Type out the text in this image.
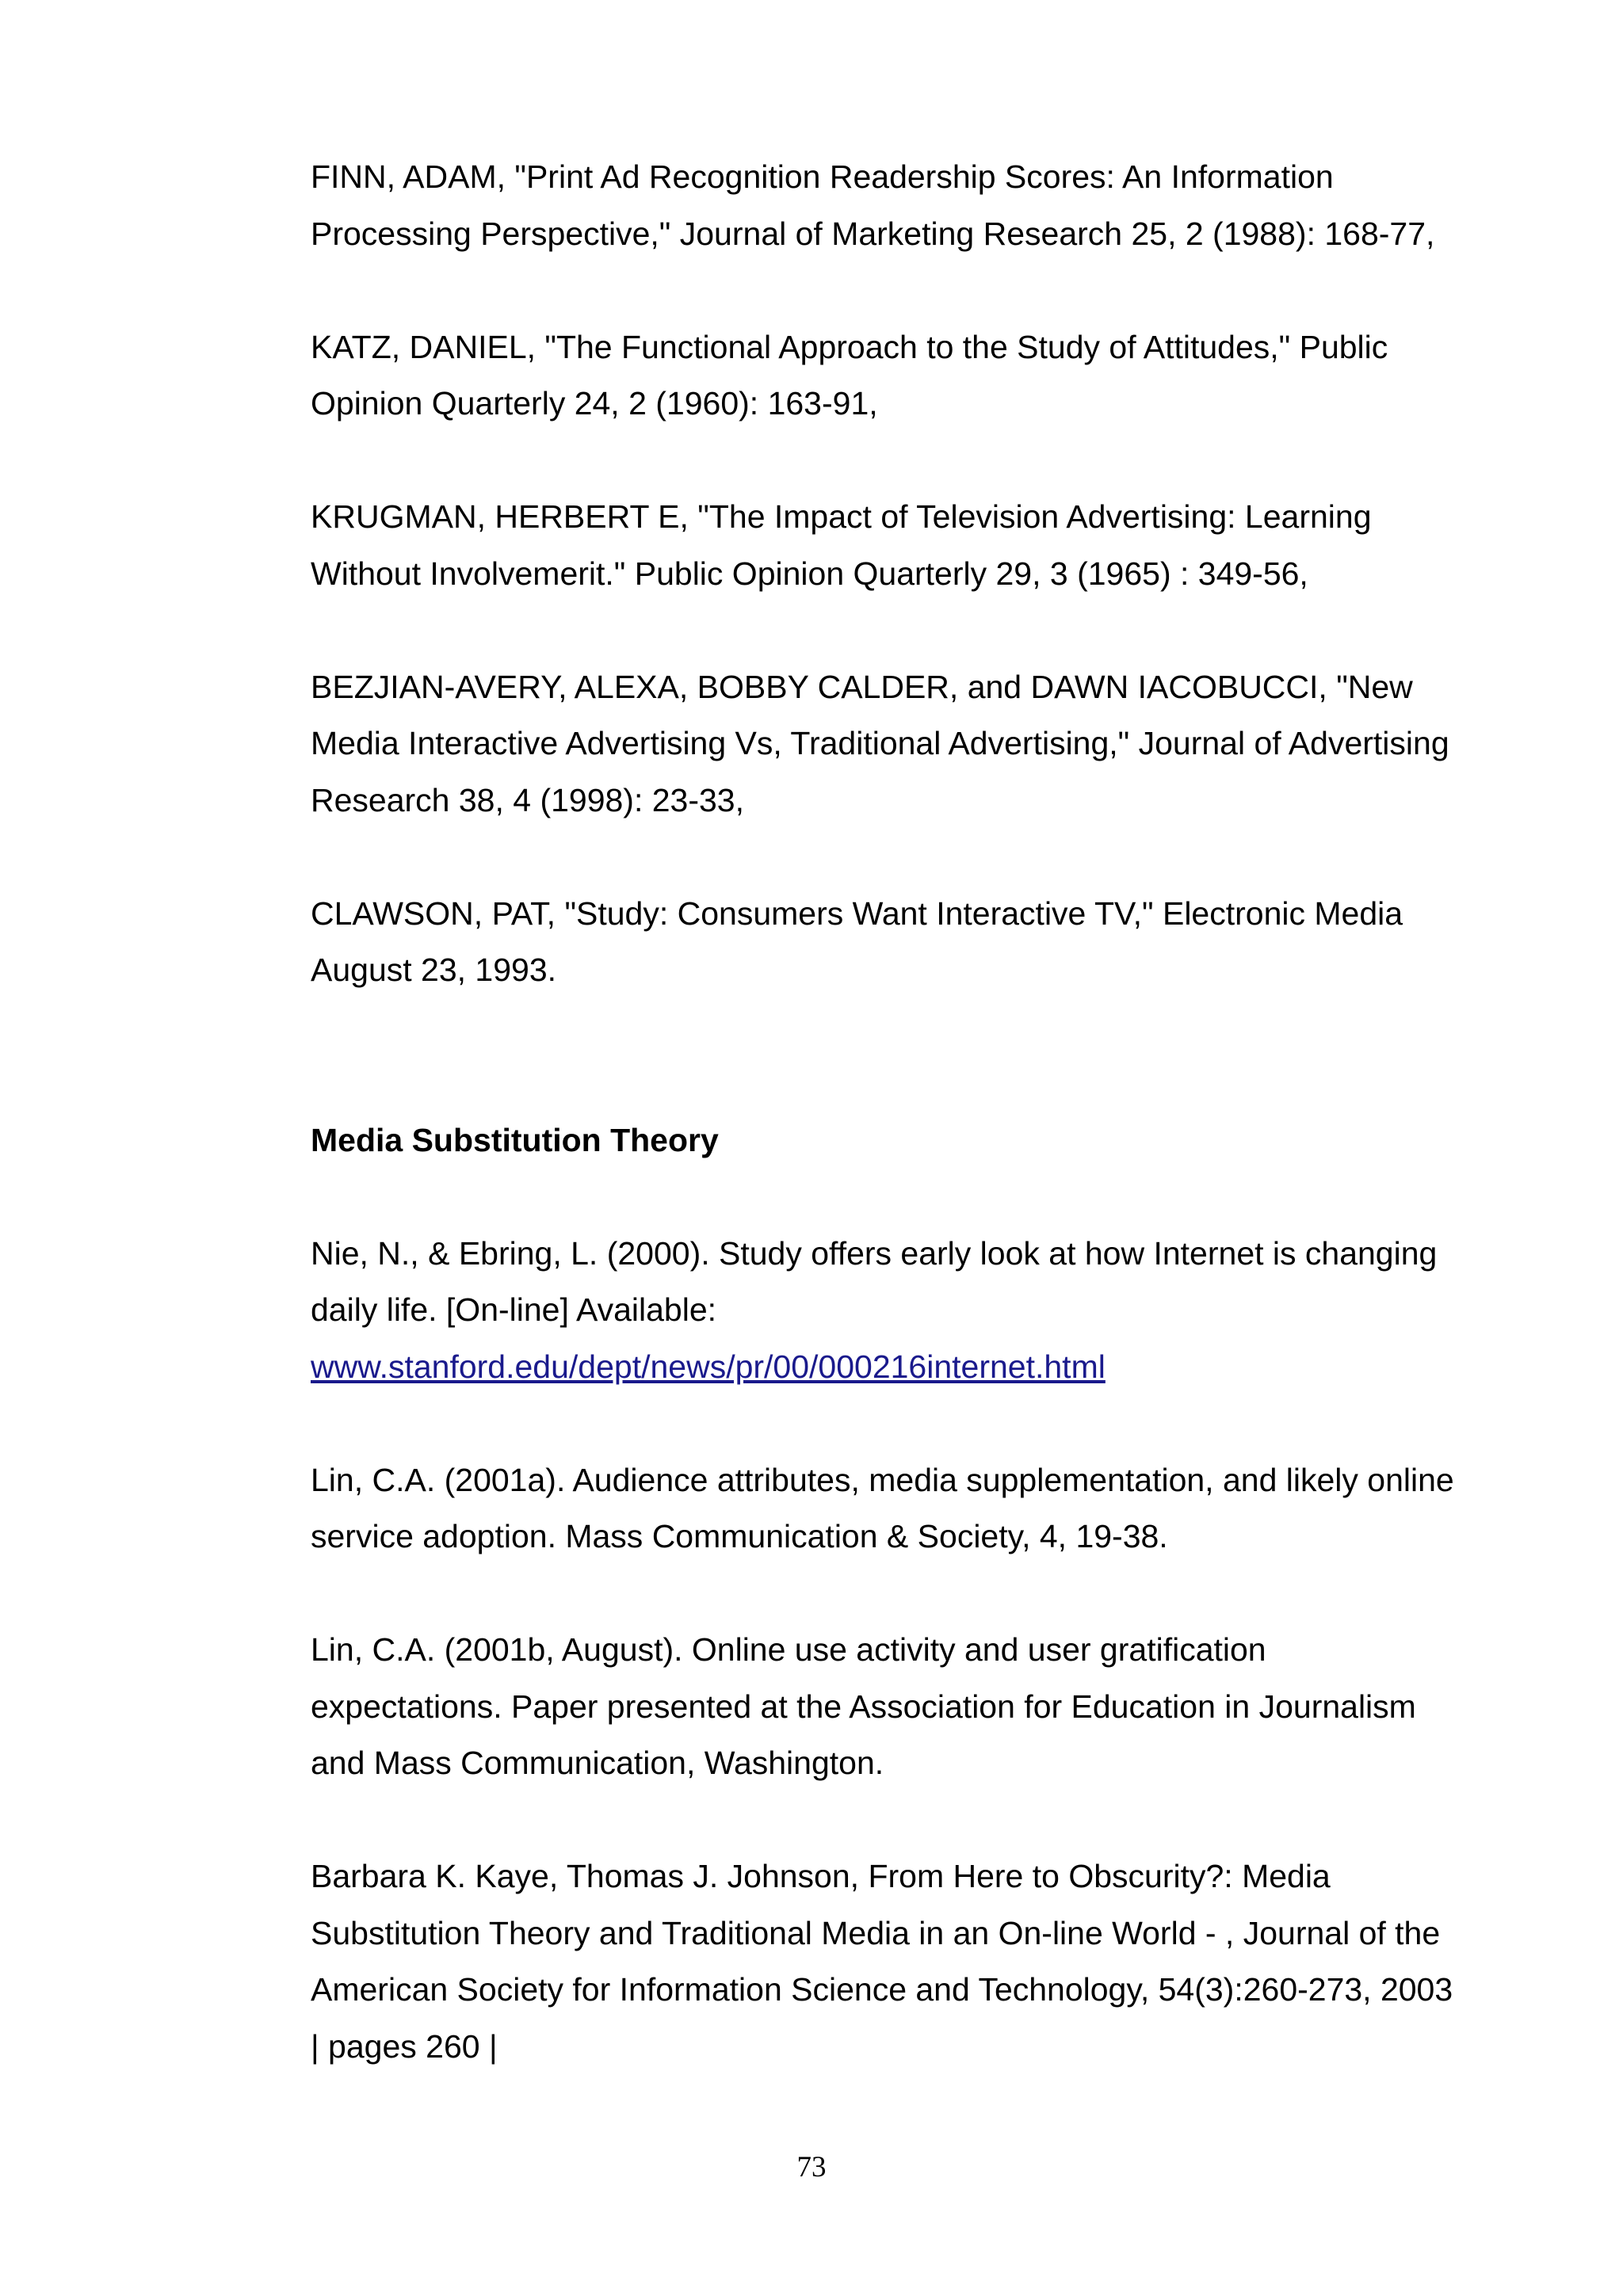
FINN, ADAM, "Print Ad Recognition Readership Scores: An Information
Processing Perspective," Journal of Marketing Research 25, 2 (1988): 168-77,

KATZ, DANIEL, "The Functional Approach to the Study of Attitudes," Public
Opinion Quarterly 24, 2 (1960): 163-91,

KRUGMAN, HERBERT E, "The Impact of Television Advertising: Learning
Without Involvemerit." Public Opinion Quarterly 29, 3 (1965) : 349-56,

BEZJIAN-AVERY, ALEXA, BOBBY CALDER, and DAWN IACOBUCCI, "New
Media Interactive Advertising Vs, Traditional Advertising," Journal of Advertising
Research 38, 4 (1998): 23-33,

CLAWSON, PAT, "Study: Consumers Want Interactive TV," Electronic Media
August 23, 1993.

Media Substitution Theory

Nie, N., & Ebring, L. (2000). Study offers early look at how Internet is changing
daily life. [On-line] Available:
www.stanford.edu/dept/news/pr/00/000216internet.html

Lin, C.A. (2001a). Audience attributes, media supplementation, and likely online
service adoption. Mass Communication & Society, 4, 19-38.

Lin, C.A. (2001b, August). Online use activity and user gratification
expectations. Paper presented at the Association for Education in Journalism
and Mass Communication, Washington.

Barbara K. Kaye, Thomas J. Johnson, From Here to Obscurity?: Media
Substitution Theory and Traditional Media in an On-line World - , Journal of the
American Society for Information Science and Technology, 54(3):260-273, 2003
| pages 260 |

73
